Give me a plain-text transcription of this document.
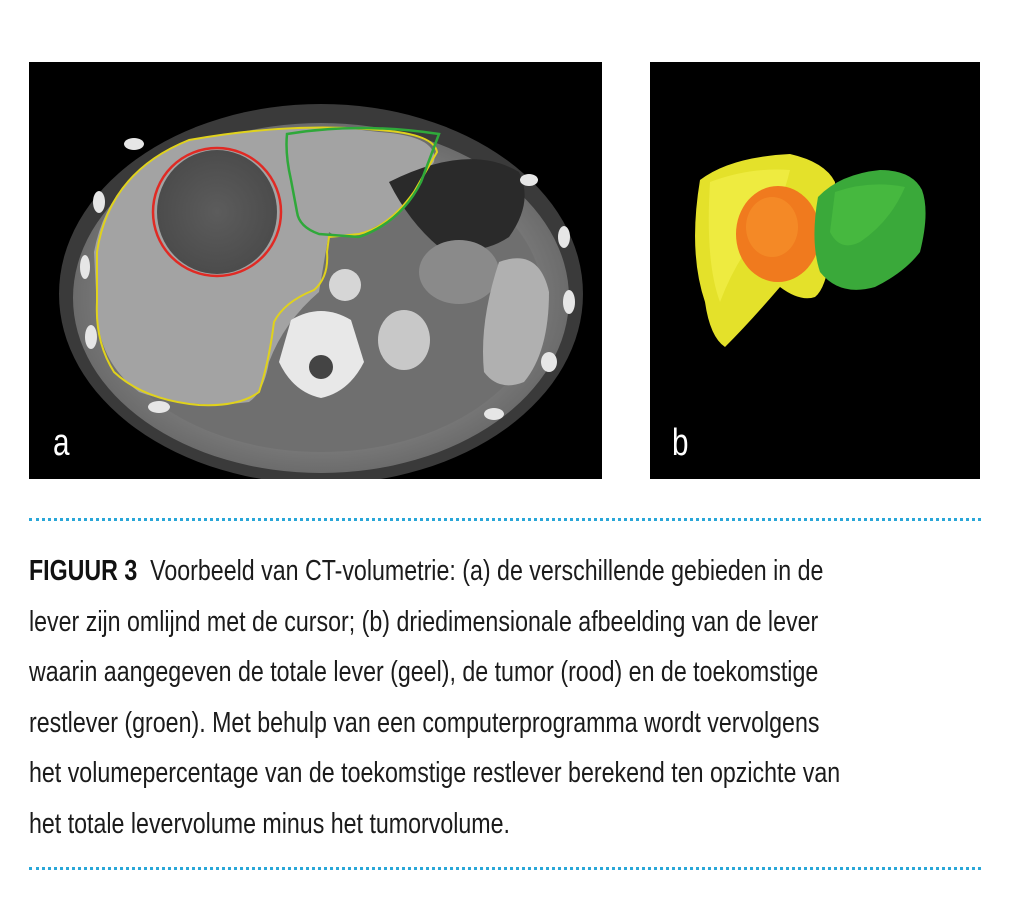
a	b

FIGUUR 3 Voorbeeld van CT-volumetrie: (a) de verschillende gebieden in de
lever zijn omlijnd met de cursor; (b) driedimensionale afbeelding van de lever
waarin aangegeven de totale lever (geel), de tumor (rood) en de toekomstige
restlever (groen). Met behulp van een computerprogramma wordt vervolgens
het volumepercentage van de toekomstige restlever berekend ten opzichte van
het totale levervolume minus het tumorvolume.
